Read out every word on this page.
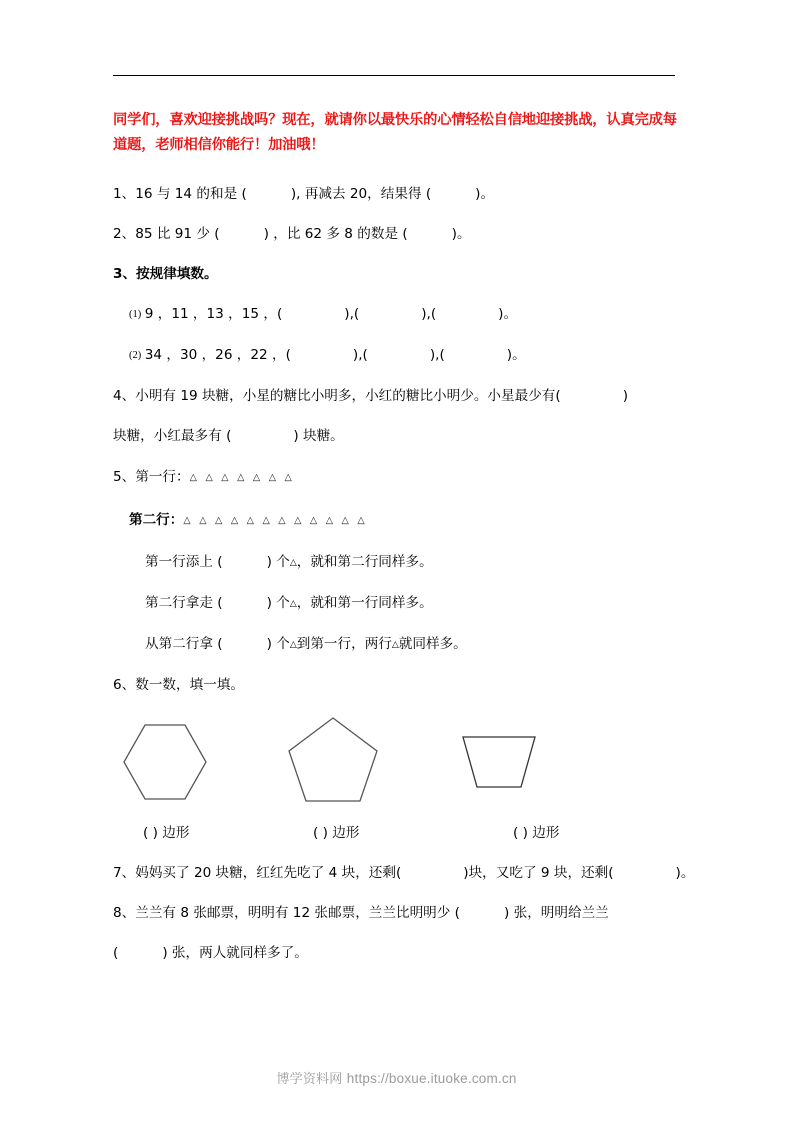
同学们，喜欢迎接挑战吗？现在，就请你以最快乐的心情轻松自信地迎接挑战，认真完成每道题，老师相信你能行！加油哦！

1、16 与 14 的和是 (	), 再减去 20，结果得 (	)。

2、85 比 91 少 (	) ，比 62 多 8 的数是 (	)。

3、按规律填数。

(1) 9 ，11 ，13 ，15 ，(	),(	),(	)。

(2) 34 ，30 ，26 ，22 ，(	),(	),(	)。

4、小明有 19 块糖，小星的糖比小明多，小红的糖比小明少。小星最少有(	)

块糖，小红最多有 (	) 块糖。

5、第一行：△ △ △ △ △ △ △

第二行：△ △ △ △ △ △ △ △ △ △ △ △

第一行添上 (	) 个△，就和第二行同样多。

第二行拿走 (	) 个△，就和第一行同样多。

从第二行拿 (	) 个△到第一行，两行△就同样多。

6、数一数，填一填。

( ) 边形	( ) 边形	( ) 边形

7、妈妈买了 20 块糖，红红先吃了 4 块，还剩(	)块，又吃了 9 块，还剩(	)。

8、兰兰有 8 张邮票，明明有 12 张邮票，兰兰比明明少 (	) 张，明明给兰兰

(	) 张，两人就同样多了。

博学资料网 https://boxue.ituoke.com.cn
